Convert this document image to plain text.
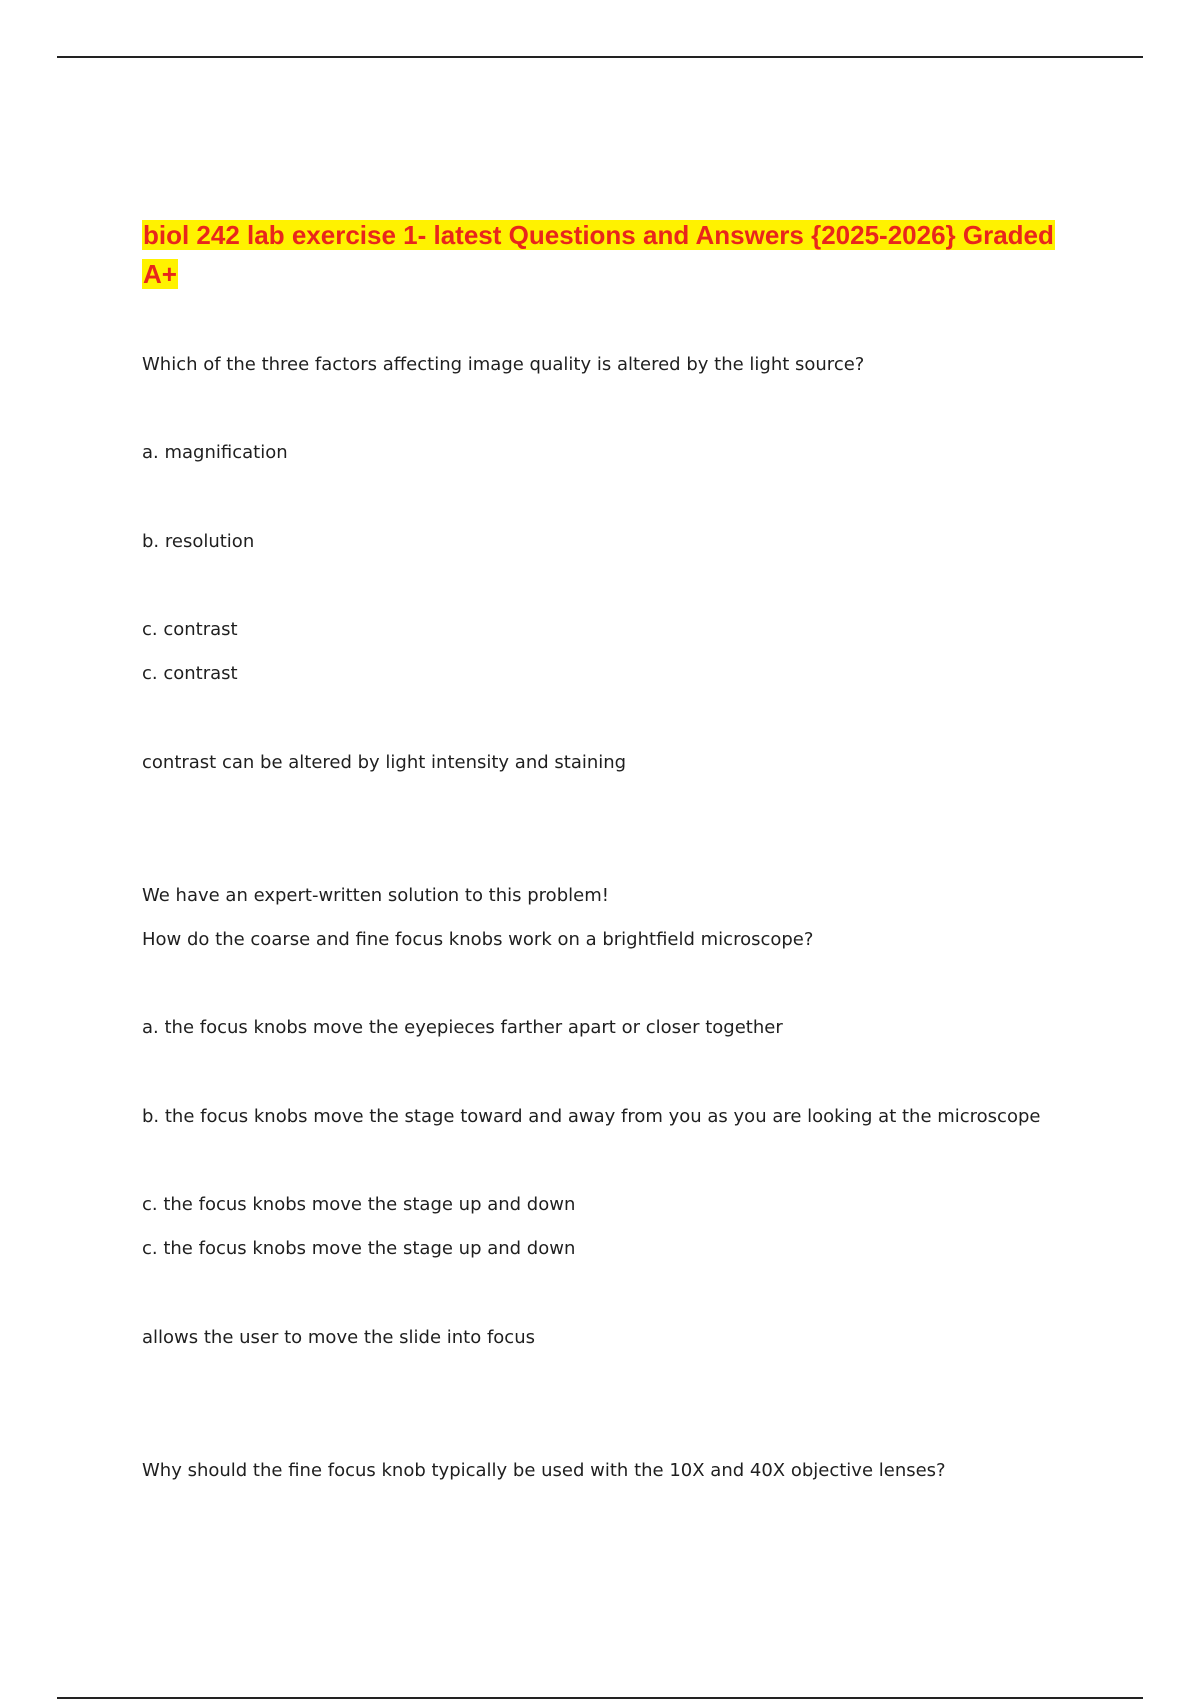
biol 242 lab exercise 1- latest Questions and Answers {2025-2026} Graded A+

Which of the three factors affecting image quality is altered by the light source?

a. magnification

b. resolution

c. contrast

c. contrast

contrast can be altered by light intensity and staining

We have an expert-written solution to this problem!

How do the coarse and fine focus knobs work on a brightfield microscope?

a. the focus knobs move the eyepieces farther apart or closer together

b. the focus knobs move the stage toward and away from you as you are looking at the microscope

c. the focus knobs move the stage up and down

c. the focus knobs move the stage up and down

allows the user to move the slide into focus

Why should the fine focus knob typically be used with the 10X and 40X objective lenses?
